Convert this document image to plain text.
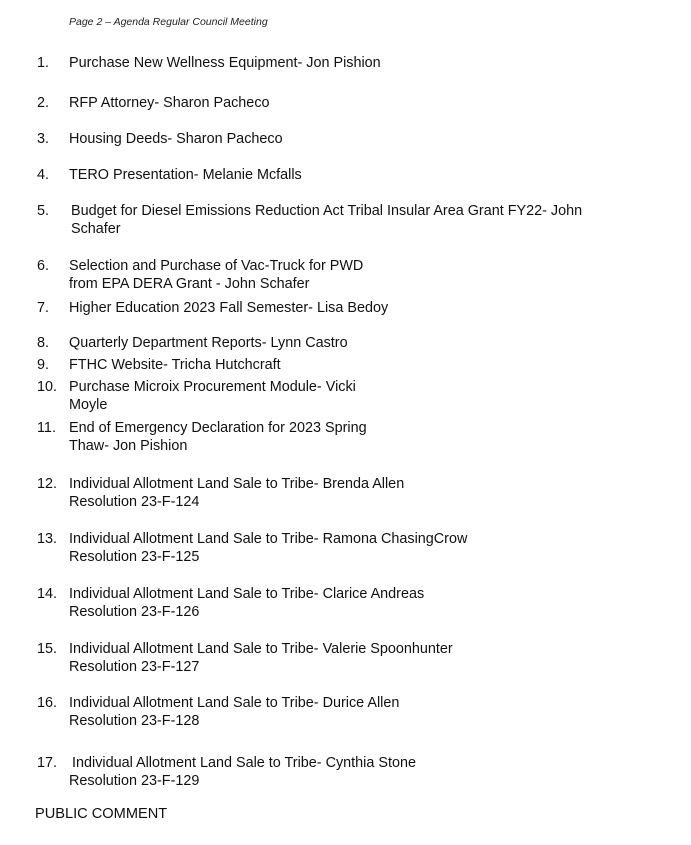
Page 2 – Agenda Regular Council Meeting
1. Purchase New Wellness Equipment- Jon Pishion
2. RFP Attorney- Sharon Pacheco
3. Housing Deeds- Sharon Pacheco
4. TERO Presentation- Melanie Mcfalls
5. Budget for Diesel Emissions Reduction Act Tribal Insular Area Grant FY22- John
Schafer
6. Selection and Purchase of Vac-Truck for PWD
from EPA DERA Grant - John Schafer
7. Higher Education 2023 Fall Semester- Lisa Bedoy
8. Quarterly Department Reports- Lynn Castro
9. FTHC Website- Tricha Hutchcraft
10. Purchase Microix Procurement Module- Vicki
Moyle
11. End of Emergency Declaration for 2023 Spring
Thaw- Jon Pishion
12. Individual Allotment Land Sale to Tribe- Brenda Allen
Resolution 23-F-124
13. Individual Allotment Land Sale to Tribe- Ramona ChasingCrow
Resolution 23-F-125
14. Individual Allotment Land Sale to Tribe- Clarice Andreas
Resolution 23-F-126
15. Individual Allotment Land Sale to Tribe- Valerie Spoonhunter
Resolution 23-F-127
16. Individual Allotment Land Sale to Tribe- Durice Allen
Resolution 23-F-128
17. Individual Allotment Land Sale to Tribe- Cynthia Stone
Resolution 23-F-129
PUBLIC COMMENT
